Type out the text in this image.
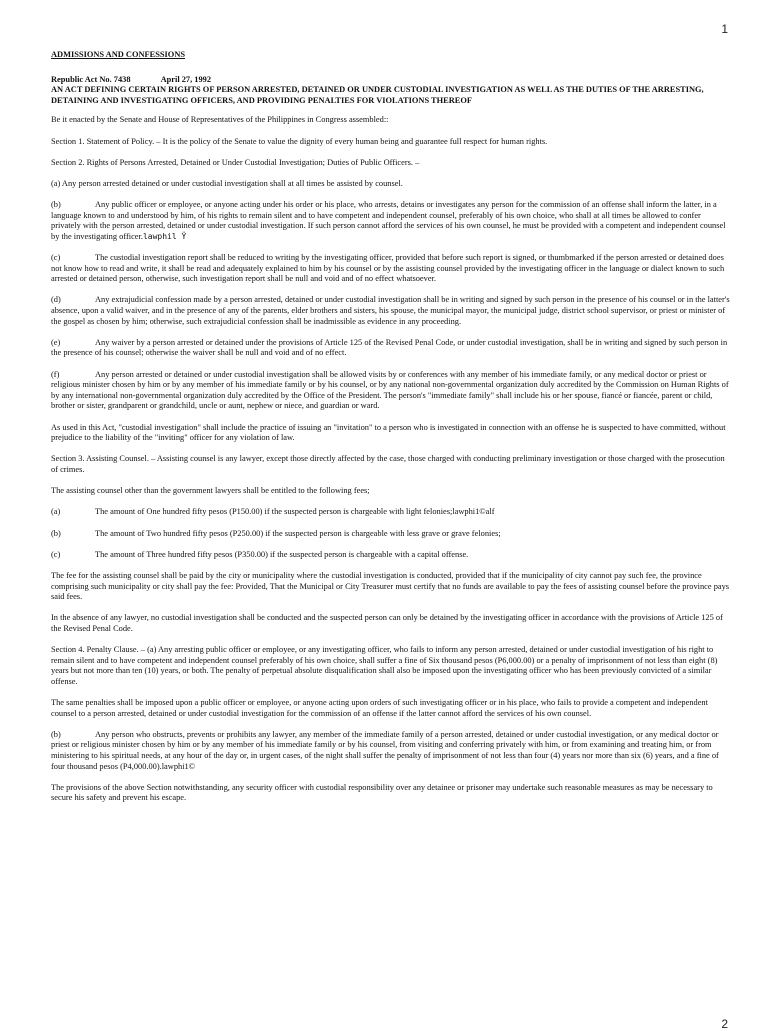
1
ADMISSIONS AND CONFESSIONS
Republic Act No. 7438	April 27, 1992
AN ACT DEFINING CERTAIN RIGHTS OF PERSON ARRESTED, DETAINED OR UNDER CUSTODIAL INVESTIGATION AS WELL AS THE DUTIES OF THE ARRESTING, DETAINING AND INVESTIGATING OFFICERS, AND PROVIDING PENALTIES FOR VIOLATIONS THEREOF

Be it enacted by the Senate and House of Representatives of the Philippines in Congress assembled::

Section 1. Statement of Policy. – It is the policy of the Senate to value the dignity of every human being and guarantee full respect for human rights.

Section 2. Rights of Persons Arrested, Detained or Under Custodial Investigation; Duties of Public Officers. –

(a) Any person arrested detained or under custodial investigation shall at all times be assisted by counsel.

(b)	Any public officer or employee, or anyone acting under his order or his place, who arrests, detains or investigates any person for the commission of an offense shall inform the latter, in a language known to and understood by him, of his rights to remain silent and to have competent and independent counsel, preferably of his own choice, who shall at all times be allowed to confer privately with the person arrested, detained or under custodial investigation. If such person cannot afford the services of his own counsel, he must be provided with a competent and independent counsel by the investigating officer.lawphil Ÿ

(c)	The custodial investigation report shall be reduced to writing by the investigating officer, provided that before such report is signed, or thumbmarked if the person arrested or detained does not know how to read and write, it shall be read and adequately explained to him by his counsel or by the assisting counsel provided by the investigating officer in the language or dialect known to such arrested or detained person, otherwise, such investigation report shall be null and void and of no effect whatsoever.

(d)	Any extrajudicial confession made by a person arrested, detained or under custodial investigation shall be in writing and signed by such person in the presence of his counsel or in the latter's absence, upon a valid waiver, and in the presence of any of the parents, elder brothers and sisters, his spouse, the municipal mayor, the municipal judge, district school supervisor, or priest or minister of the gospel as chosen by him; otherwise, such extrajudicial confession shall be inadmissible as evidence in any proceeding.

(e)	Any waiver by a person arrested or detained under the provisions of Article 125 of the Revised Penal Code, or under custodial investigation, shall be in writing and signed by such person in the presence of his counsel; otherwise the waiver shall be null and void and of no effect.

(f)	Any person arrested or detained or under custodial investigation shall be allowed visits by or conferences with any member of his immediate family, or any medical doctor or priest or religious minister chosen by him or by any member of his immediate family or by his counsel, or by any national non-governmental organization duly accredited by the Commission on Human Rights of by any international non-governmental organization duly accredited by the Office of the President. The person's "immediate family" shall include his or her spouse, fiancé or fiancée, parent or child, brother or sister, grandparent or grandchild, uncle or aunt, nephew or niece, and guardian or ward.

As used in this Act, "custodial investigation" shall include the practice of issuing an "invitation" to a person who is investigated in connection with an offense he is suspected to have committed, without prejudice to the liability of the "inviting" officer for any violation of law.

Section 3. Assisting Counsel. – Assisting counsel is any lawyer, except those directly affected by the case, those charged with conducting preliminary investigation or those charged with the prosecution of crimes.

The assisting counsel other than the government lawyers shall be entitled to the following fees;

(a)	The amount of One hundred fifty pesos (P150.00) if the suspected person is chargeable with light felonies;lawphi1©alf

(b)	The amount of Two hundred fifty pesos (P250.00) if the suspected person is chargeable with less grave or grave felonies;

(c)	The amount of Three hundred fifty pesos (P350.00) if the suspected person is chargeable with a capital offense.

The fee for the assisting counsel shall be paid by the city or municipality where the custodial investigation is conducted, provided that if the municipality of city cannot pay such fee, the province comprising such municipality or city shall pay the fee: Provided, That the Municipal or City Treasurer must certify that no funds are available to pay the fees of assisting counsel before the province pays said fees.

In the absence of any lawyer, no custodial investigation shall be conducted and the suspected person can only be detained by the investigating officer in accordance with the provisions of Article 125 of the Revised Penal Code.

Section 4. Penalty Clause. – (a) Any arresting public officer or employee, or any investigating officer, who fails to inform any person arrested, detained or under custodial investigation of his right to remain silent and to have competent and independent counsel preferably of his own choice, shall suffer a fine of Six thousand pesos (P6,000.00) or a penalty of imprisonment of not less than eight (8) years but not more than ten (10) years, or both. The penalty of perpetual absolute disqualification shall also be imposed upon the investigating officer who has been previously convicted of a similar offense.

The same penalties shall be imposed upon a public officer or employee, or anyone acting upon orders of such investigating officer or in his place, who fails to provide a competent and independent counsel to a person arrested, detained or under custodial investigation for the commission of an offense if the latter cannot afford the services of his own counsel.

(b)	Any person who obstructs, prevents or prohibits any lawyer, any member of the immediate family of a person arrested, detained or under custodial investigation, or any medical doctor or priest or religious minister chosen by him or by any member of his immediate family or by his counsel, from visiting and conferring privately with him, or from examining and treating him, or from ministering to his spiritual needs, at any hour of the day or, in urgent cases, of the night shall suffer the penalty of imprisonment of not less than four (4) years nor more than six (6) years, and a fine of four thousand pesos (P4,000.00).lawphi1©

The provisions of the above Section notwithstanding, any security officer with custodial responsibility over any detainee or prisoner may undertake such reasonable measures as may be necessary to secure his safety and prevent his escape.

2
